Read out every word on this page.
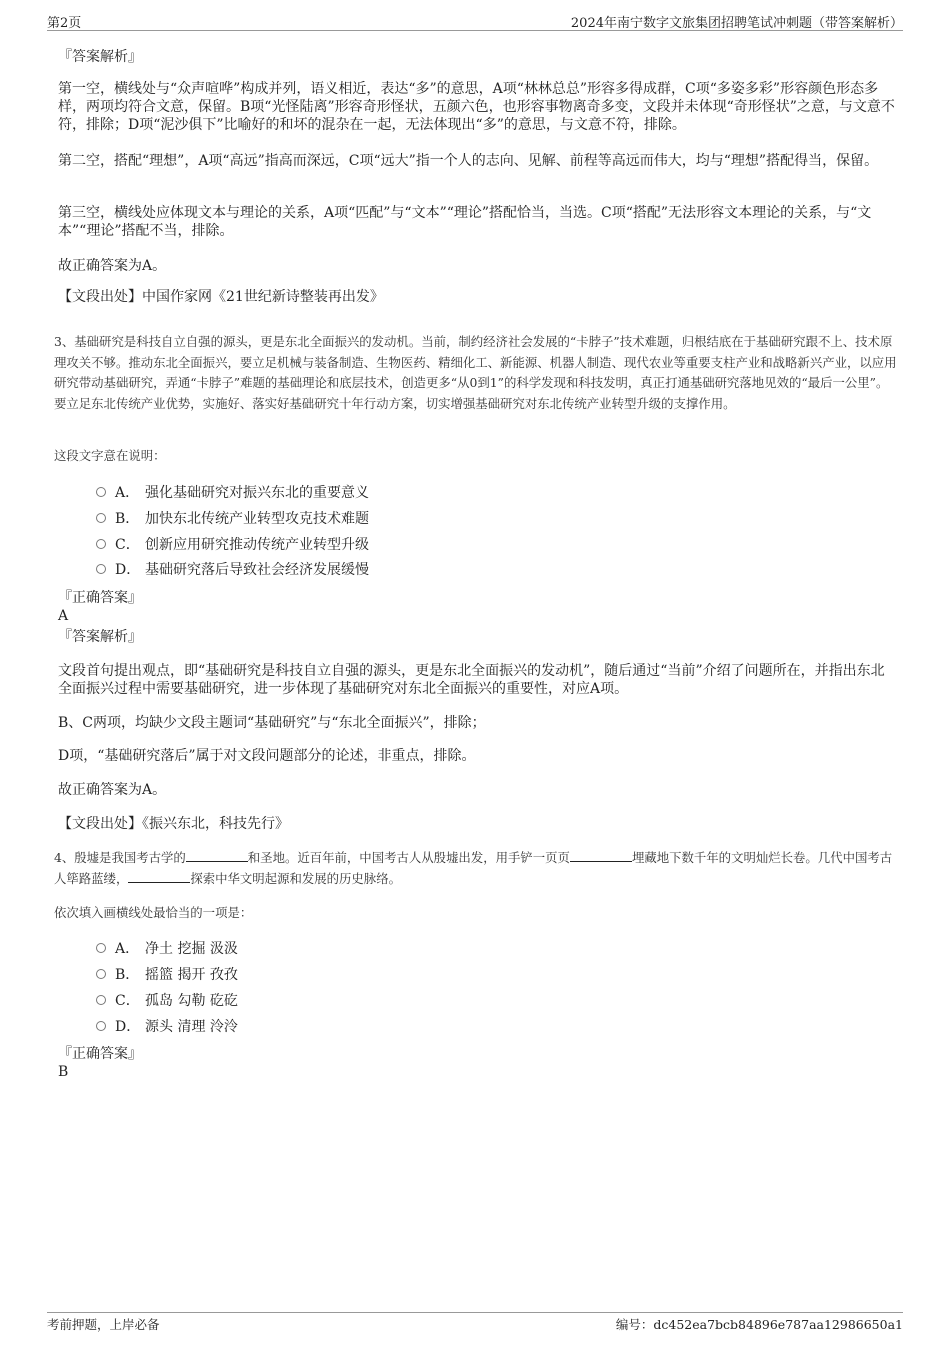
第2页	2024年南宁数字文旅集团招聘笔试冲刺题（带答案解析）
『答案解析』
第一空，横线处与“众声喧哗”构成并列，语义相近，表达“多”的意思，A项“林林总总”形容多得成群，C项“多姿多彩”形容颜色形态多样，两项均符合文意，保留。B项“光怪陆离”形容奇形怪状，五颜六色，也形容事物离奇多变，文段并未体现“奇形怪状”之意，与文意不符，排除；D项“泥沙俱下”比喻好的和坏的混杂在一起，无法体现出“多”的意思，与文意不符，排除。
第二空，搭配“理想”，A项“高远”指高而深远，C项“远大”指一个人的志向、见解、前程等高远而伟大，均与“理想”搭配得当，保留。
第三空，横线处应体现文本与理论的关系，A项“匹配”与“文本”“理论”搭配恰当，当选。C项“搭配”无法形容文本理论的关系，与“文本”“理论”搭配不当，排除。
故正确答案为A。
【文段出处】中国作家网《21世纪新诗整装再出发》
3、基础研究是科技自立自强的源头，更是东北全面振兴的发动机。当前，制约经济社会发展的“卡脖子”技术难题，归根结底在于基础研究跟不上、技术原理攻关不够。推动东北全面振兴，要立足机械与装备制造、生物医药、精细化工、新能源、机器人制造、现代农业等重要支柱产业和战略新兴产业，以应用研究带动基础研究，弄通“卡脖子”难题的基础理论和底层技术，创造更多“从0到1”的科学发现和科技发明，真正打通基础研究落地见效的“最后一公里”。要立足东北传统产业优势，实施好、落实好基础研究十年行动方案，切实增强基础研究对东北传统产业转型升级的支撑作用。
这段文字意在说明：
A． 强化基础研究对振兴东北的重要意义
B． 加快东北传统产业转型攻克技术难题
C． 创新应用研究推动传统产业转型升级
D． 基础研究落后导致社会经济发展缓慢
『正确答案』
A
『答案解析』
文段首句提出观点，即“基础研究是科技自立自强的源头，更是东北全面振兴的发动机”，随后通过“当前”介绍了问题所在，并指出东北全面振兴过程中需要基础研究，进一步体现了基础研究对东北全面振兴的重要性，对应A项。
B、C两项，均缺少文段主题词“基础研究”与“东北全面振兴”，排除；
D项，“基础研究落后”属于对文段问题部分的论述，非重点，排除。
故正确答案为A。
【文段出处】《振兴东北，科技先行》
4、殷墟是我国考古学的	和圣地。近百年前，中国考古人从殷墟出发，用手铲一页页	埋藏地下数千年的文明灿烂长卷。几代中国考古人筚路蓝缕，	探索中华文明起源和发展的历史脉络。
依次填入画横线处最恰当的一项是：
A． 净土 挖掘 汲汲
B． 摇篮 揭开 孜孜
C． 孤岛 勾勒 矻矻
D． 源头 清理 泠泠
『正确答案』
B
考前押题，上岸必备	编号：dc452ea7bcb84896e787aa12986650a1
